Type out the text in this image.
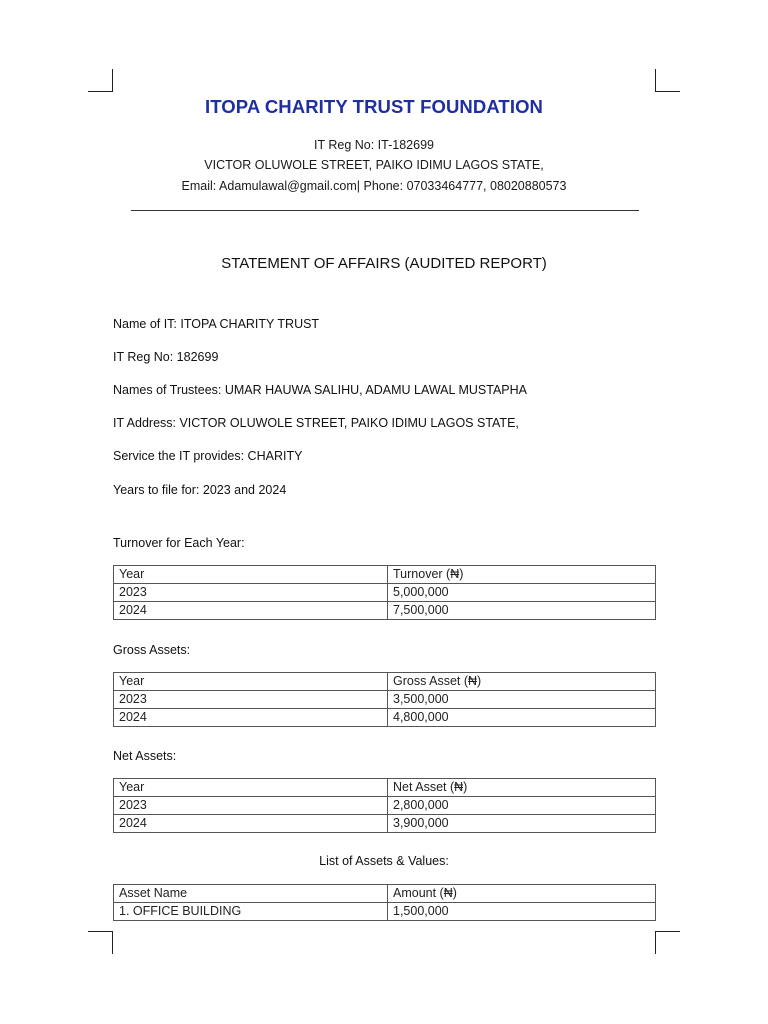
ITOPA CHARITY TRUST FOUNDATION
IT Reg No: IT-182699
VICTOR OLUWOLE STREET, PAIKO IDIMU LAGOS STATE,
Email: Adamulawal@gmail.com| Phone: 07033464777, 08020880573
STATEMENT OF AFFAIRS (AUDITED REPORT)
Name of IT: ITOPA CHARITY TRUST
IT Reg No: 182699
Names of Trustees: UMAR HAUWA SALIHU, ADAMU LAWAL MUSTAPHA
IT Address: VICTOR OLUWOLE STREET, PAIKO IDIMU LAGOS STATE,
Service the IT provides: CHARITY
Years to file for: 2023 and 2024
Turnover for Each Year:
Year	Turnover (₦)
2023	5,000,000
2024	7,500,000
Gross Assets:
Year	Gross Asset (₦)
2023	3,500,000
2024	4,800,000
Net Assets:
Year	Net Asset (₦)
2023	2,800,000
2024	3,900,000
List of Assets & Values:
Asset Name	Amount (₦)
1. OFFICE BUILDING	1,500,000
